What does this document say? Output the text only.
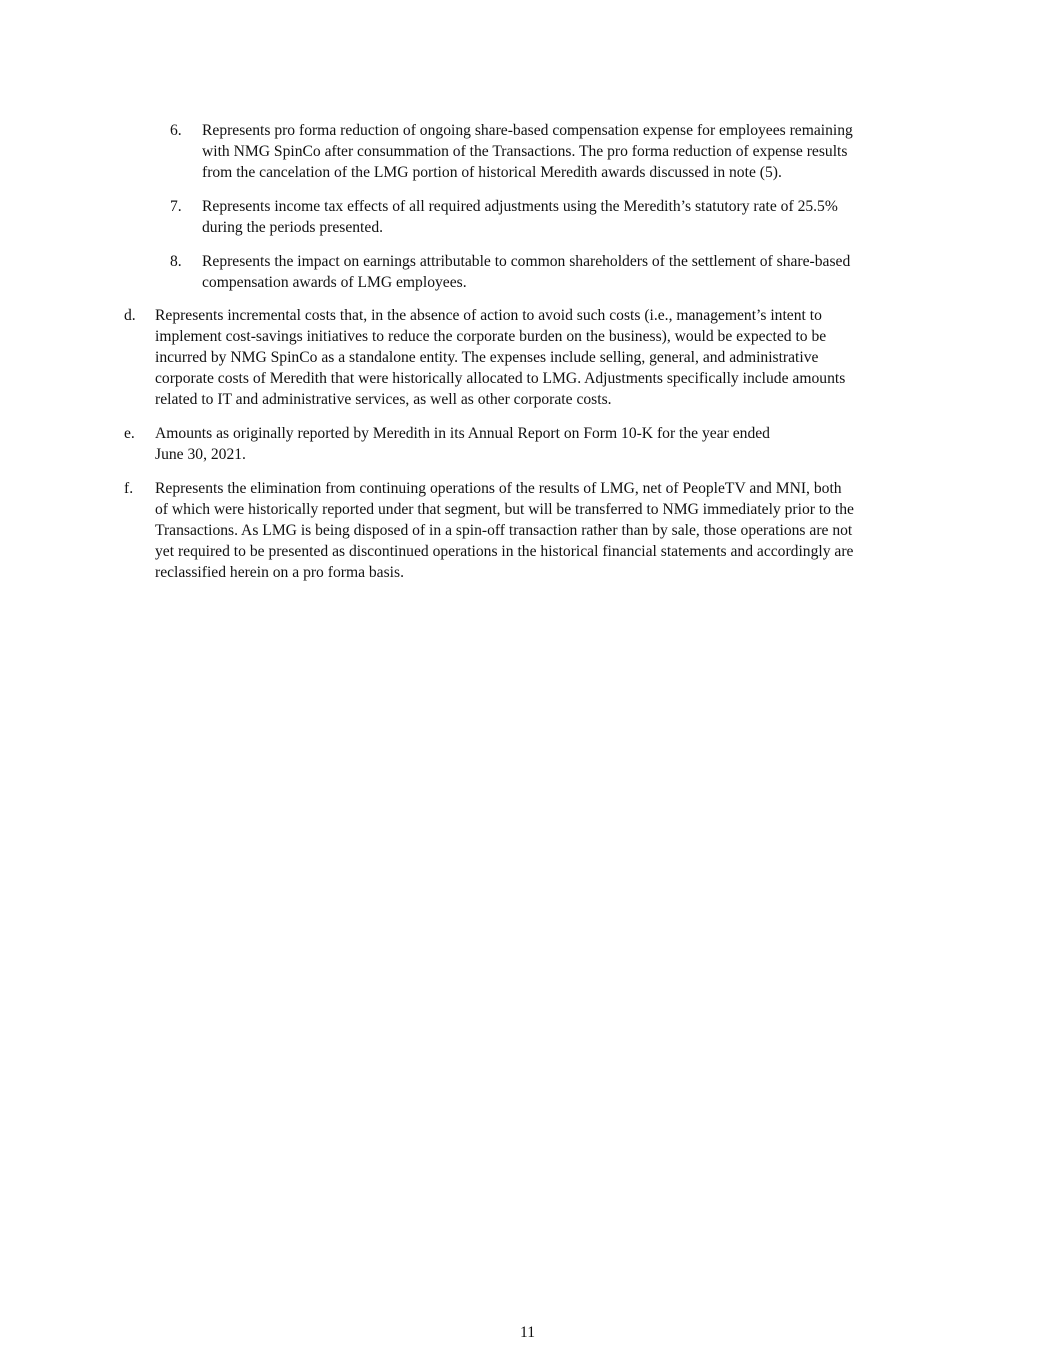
6. Represents pro forma reduction of ongoing share-based compensation expense for employees remaining
with NMG SpinCo after consummation of the Transactions. The pro forma reduction of expense results
from the cancelation of the LMG portion of historical Meredith awards discussed in note (5).
7. Represents income tax effects of all required adjustments using the Meredith’s statutory rate of 25.5%
during the periods presented.
8. Represents the impact on earnings attributable to common shareholders of the settlement of share-based
compensation awards of LMG employees.
d. Represents incremental costs that, in the absence of action to avoid such costs (i.e., management’s intent to
implement cost-savings initiatives to reduce the corporate burden on the business), would be expected to be
incurred by NMG SpinCo as a standalone entity. The expenses include selling, general, and administrative
corporate costs of Meredith that were historically allocated to LMG. Adjustments specifically include amounts
related to IT and administrative services, as well as other corporate costs.
e. Amounts as originally reported by Meredith in its Annual Report on Form 10-K for the year ended
June 30, 2021.
f. Represents the elimination from continuing operations of the results of LMG, net of PeopleTV and MNI, both
of which were historically reported under that segment, but will be transferred to NMG immediately prior to the
Transactions. As LMG is being disposed of in a spin-off transaction rather than by sale, those operations are not
yet required to be presented as discontinued operations in the historical financial statements and accordingly are
reclassified herein on a pro forma basis.
11
